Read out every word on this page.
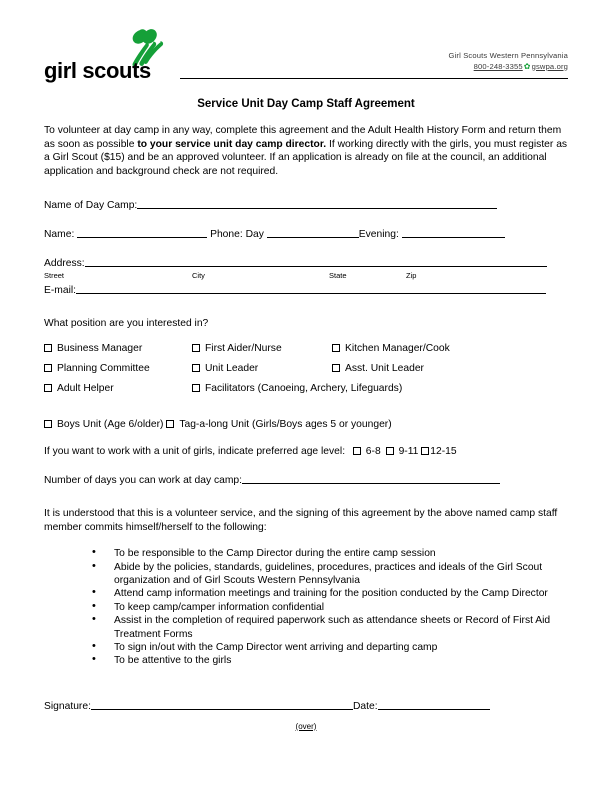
girl scouts
Girl Scouts Western Pennsylvania
800-248-3355✿gswpa.org
Service Unit Day Camp Staff Agreement

To volunteer at day camp in any way, complete this agreement and the Adult Health History Form and return them as soon as possible to your service unit day camp director. If working directly with the girls, you must register as a Girl Scout ($15) and be an approved volunteer. If an application is already on file at the council, an additional application and background check are not required.

Name of Day Camp:
Name:	Phone: Day	Evening:
Address:
Street	City	State	Zip
E-mail:
What position are you interested in?
Business Manager	First Aider/Nurse	Kitchen Manager/Cook
Planning Committee	Unit Leader	Asst. Unit Leader
Adult Helper	Facilitators (Canoeing, Archery, Lifeguards)
Boys Unit (Age 6/older) Tag-a-long Unit (Girls/Boys ages 5 or younger)
If you want to work with a unit of girls, indicate preferred age level: 6-8 9-11 12-15
Number of days you can work at day camp:

It is understood that this is a volunteer service, and the signing of this agreement by the above named camp staff member commits himself/herself to the following:

• To be responsible to the Camp Director during the entire camp session
• Abide by the policies, standards, guidelines, procedures, practices and ideals of the Girl Scout organization and of Girl Scouts Western Pennsylvania
• Attend camp information meetings and training for the position conducted by the Camp Director
• To keep camp/camper information confidential
• Assist in the completion of required paperwork such as attendance sheets or Record of First Aid Treatment Forms
• To sign in/out with the Camp Director went arriving and departing camp
• To be attentive to the girls
Signature:	Date:
(over)
